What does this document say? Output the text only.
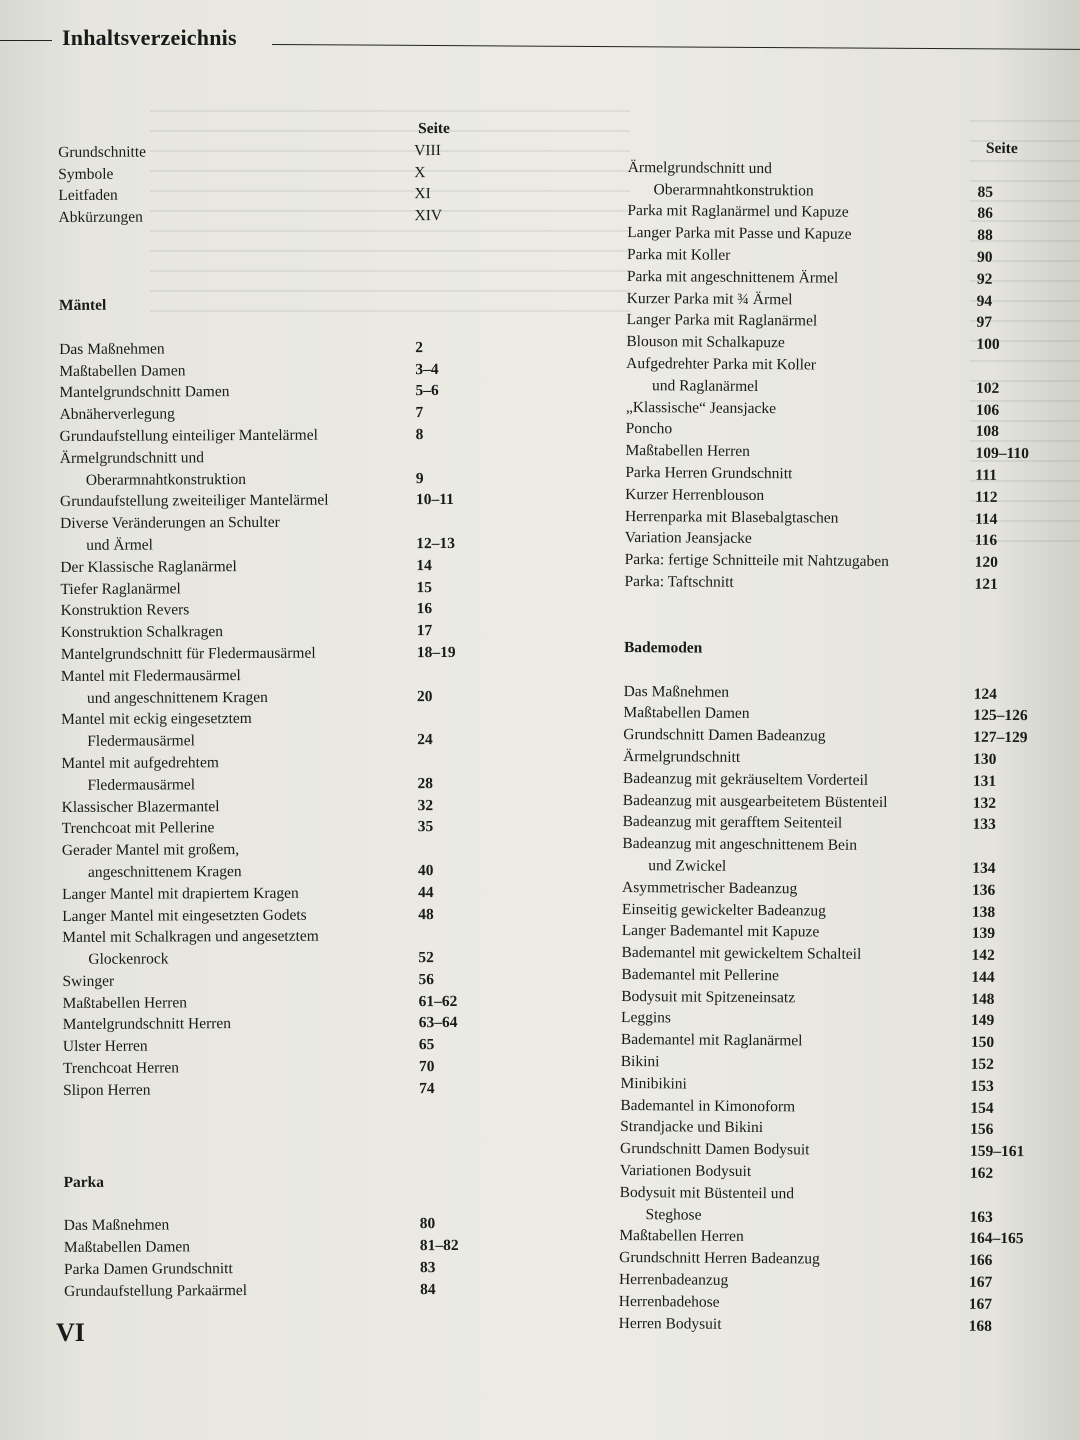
Inhaltsverzeichnis
Seite
Grundschnitte	VIII
Symbole	X
Leitfaden	XI
Abkürzungen	XIV
Mäntel
Das Maßnehmen	2
Maßtabellen Damen	3–4
Mantelgrundschnitt Damen	5–6
Abnäherverlegung	7
Grundaufstellung einteiliger Mantelärmel	8
Ärmelgrundschnitt und
Oberarmnahtkonstruktion	9
Grundaufstellung zweiteiliger Mantelärmel	10–11
Diverse Veränderungen an Schulter
und Ärmel	12–13
Der Klassische Raglanärmel	14
Tiefer Raglanärmel	15
Konstruktion Revers	16
Konstruktion Schalkragen	17
Mantelgrundschnitt für Fledermausärmel	18–19
Mantel mit Fledermausärmel
und angeschnittenem Kragen	20
Mantel mit eckig eingesetztem
Fledermausärmel	24
Mantel mit aufgedrehtem
Fledermausärmel	28
Klassischer Blazermantel	32
Trenchcoat mit Pellerine	35
Gerader Mantel mit großem,
angeschnittenem Kragen	40
Langer Mantel mit drapiertem Kragen	44
Langer Mantel mit eingesetzten Godets	48
Mantel mit Schalkragen und angesetztem
Glockenrock	52
Swinger	56
Maßtabellen Herren	61–62
Mantelgrundschnitt Herren	63–64
Ulster Herren	65
Trenchcoat Herren	70
Slipon Herren	74
Parka
Das Maßnehmen	80
Maßtabellen Damen	81–82
Parka Damen Grundschnitt	83
Grundaufstellung Parkaärmel	84
Seite
Ärmelgrundschnitt und
Oberarmnahtkonstruktion	85
Parka mit Raglanärmel und Kapuze	86
Langer Parka mit Passe und Kapuze	88
Parka mit Koller	90
Parka mit angeschnittenem Ärmel	92
Kurzer Parka mit ¾ Ärmel	94
Langer Parka mit Raglanärmel	97
Blouson mit Schalkapuze	100
Aufgedrehter Parka mit Koller
und Raglanärmel	102
„Klassische“ Jeansjacke	106
Poncho	108
Maßtabellen Herren	109–110
Parka Herren Grundschnitt	111
Kurzer Herrenblouson	112
Herrenparka mit Blasebalgtaschen	114
Variation Jeansjacke	116
Parka: fertige Schnitteile mit Nahtzugaben	120
Parka: Taftschnitt	121
Bademoden
Das Maßnehmen	124
Maßtabellen Damen	125–126
Grundschnitt Damen Badeanzug	127–129
Ärmelgrundschnitt	130
Badeanzug mit gekräuseltem Vorderteil	131
Badeanzug mit ausgearbeitetem Büstenteil	132
Badeanzug mit gerafftem Seitenteil	133
Badeanzug mit angeschnittenem Bein
und Zwickel	134
Asymmetrischer Badeanzug	136
Einseitig gewickelter Badeanzug	138
Langer Bademantel mit Kapuze	139
Bademantel mit gewickeltem Schalteil	142
Bademantel mit Pellerine	144
Bodysuit mit Spitzeneinsatz	148
Leggins	149
Bademantel mit Raglanärmel	150
Bikini	152
Minibikini	153
Bademantel in Kimonoform	154
Strandjacke und Bikini	156
Grundschnitt Damen Bodysuit	159–161
Variationen Bodysuit	162
Bodysuit mit Büstenteil und
Steghose	163
Maßtabellen Herren	164–165
Grundschnitt Herren Badeanzug	166
Herrenbadeanzug	167
Herrenbadehose	167
Herren Bodysuit	168
VI
